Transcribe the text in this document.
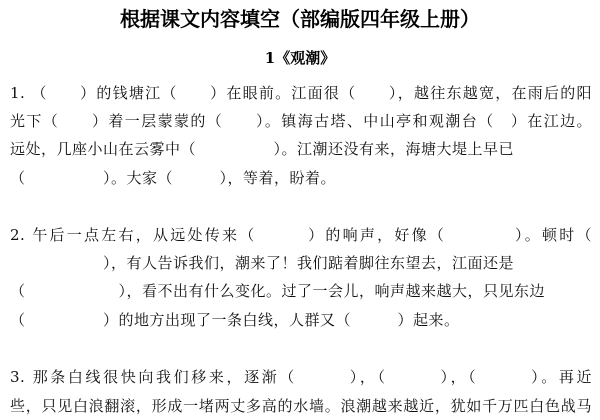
根据课文内容填空（部编版四年级上册）
1《观潮》
1. （　　）的钱塘江（　　）在眼前。江面很（　　），越往东越宽，在雨后的阳
光下（　　）着一层蒙蒙的（　　）。镇海古塔、中山亭和观潮台（　）在江边。
远处，几座小山在云雾中（　　　　　）。江潮还没有来，海塘大堤上早已
（　　　　　）。大家（　　　），等着，盼着。
2. 午后一点左右，从远处传来（　　　）的响声，好像（　　　　）。顿时（
　　　　　　），有人告诉我们，潮来了！我们踮着脚往东望去，江面还是
（　　　　　　），看不出有什么变化。过了一会儿，响声越来越大，只见东边
（　　　　　）的地方出现了一条白线，人群又（　　　）起来。
3. 那条白线很快向我们移来，逐渐（　　　），（　　　），（　　　）。再近
些，只见白浪翻滚，形成一堵两丈多高的水墙。浪潮越来越近，犹如千万匹白色战马
